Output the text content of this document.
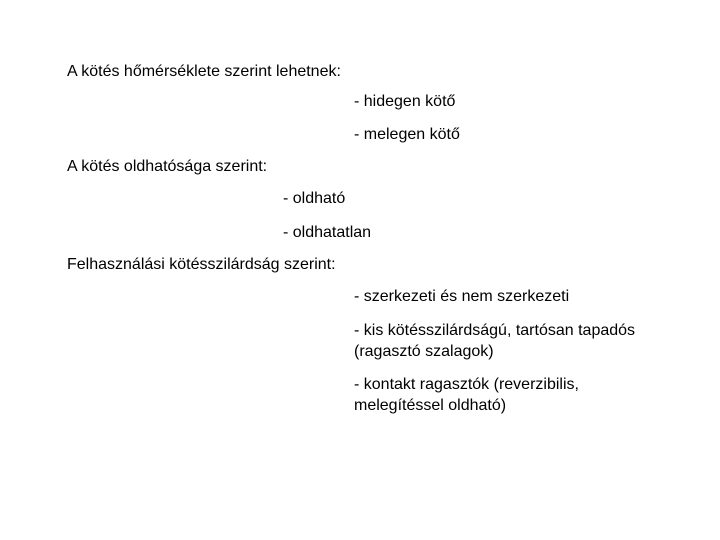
A kötés hőmérséklete szerint lehetnek:
- hidegen kötő
- melegen kötő
A kötés oldhatósága szerint:
- oldható
- oldhatatlan
Felhasználási kötésszilárdság szerint:
- szerkezeti és nem szerkezeti
- kis kötésszilárdságú, tartósan tapadós (ragasztó szalagok)
- kontakt ragasztók (reverzibilis, melegítéssel oldható)
